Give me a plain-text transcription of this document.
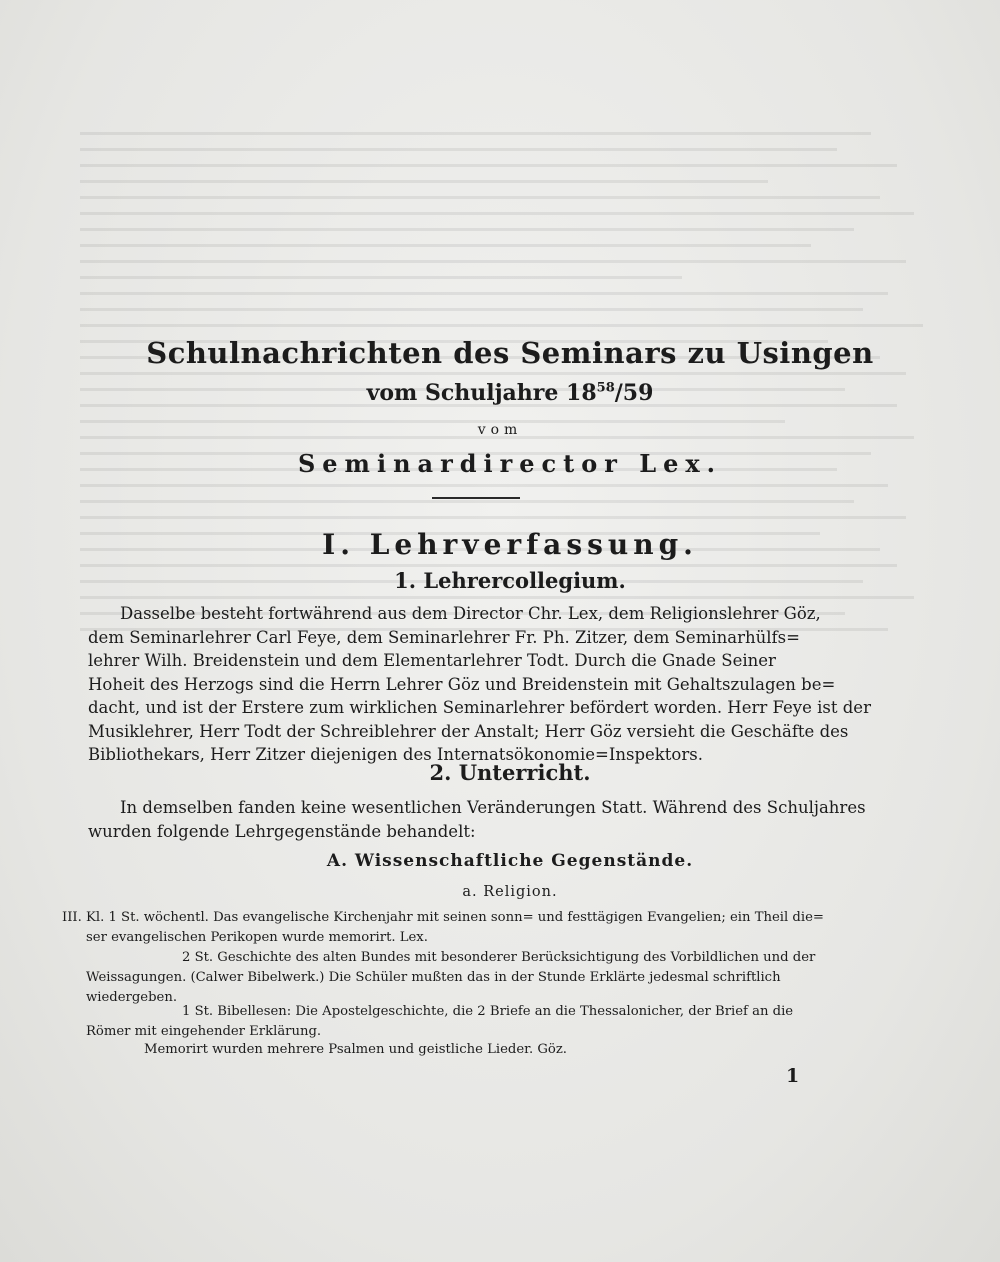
Schulnachrichten des Seminars zu Usingen
vom Schuljahre $18^{58}/59$
vom
Seminardirector Lex.
I. Lehrverfassung.
1. Lehrercollegium.
Dasselbe besteht fortwährend aus dem Director Chr. Lex, dem Religionslehrer Göz,
dem Seminarlehrer Carl Feye, dem Seminarlehrer Fr. Ph. Zitzer, dem Seminarhülfs=
lehrer Wilh. Breidenstein und dem Elementarlehrer Todt. Durch die Gnade Seiner
Hoheit des Herzogs sind die Herrn Lehrer Göz und Breidenstein mit Gehaltszulagen be=
dacht, und ist der Erstere zum wirklichen Seminarlehrer befördert worden. Herr Feye ist der
Musiklehrer, Herr Todt der Schreiblehrer der Anstalt; Herr Göz versieht die Geschäfte des
Bibliothekars, Herr Zitzer diejenigen des Internatsökonomie=Inspektors.
2. Unterricht.
In demselben fanden keine wesentlichen Veränderungen Statt. Während des Schuljahres
wurden folgende Lehrgegenstände behandelt:
A. Wissenschaftliche Gegenstände.
a. Religion.
III. Kl. 1 St. wöchentl. Das evangelische Kirchenjahr mit seinen sonn= und festtägigen Evangelien; ein Theil die=
ser evangelischen Perikopen wurde memorirt. Lex.
2 St. Geschichte des alten Bundes mit besonderer Berücksichtigung des Vorbildlichen und der
Weissagungen. (Calwer Bibelwerk.) Die Schüler mußten das in der Stunde Erklärte jedesmal schriftlich
wiedergeben.
1 St. Bibellesen: Die Apostelgeschichte, die 2 Briefe an die Thessalonicher, der Brief an die
Römer mit eingehender Erklärung.
Memorirt wurden mehrere Psalmen und geistliche Lieder. Göz.
1
